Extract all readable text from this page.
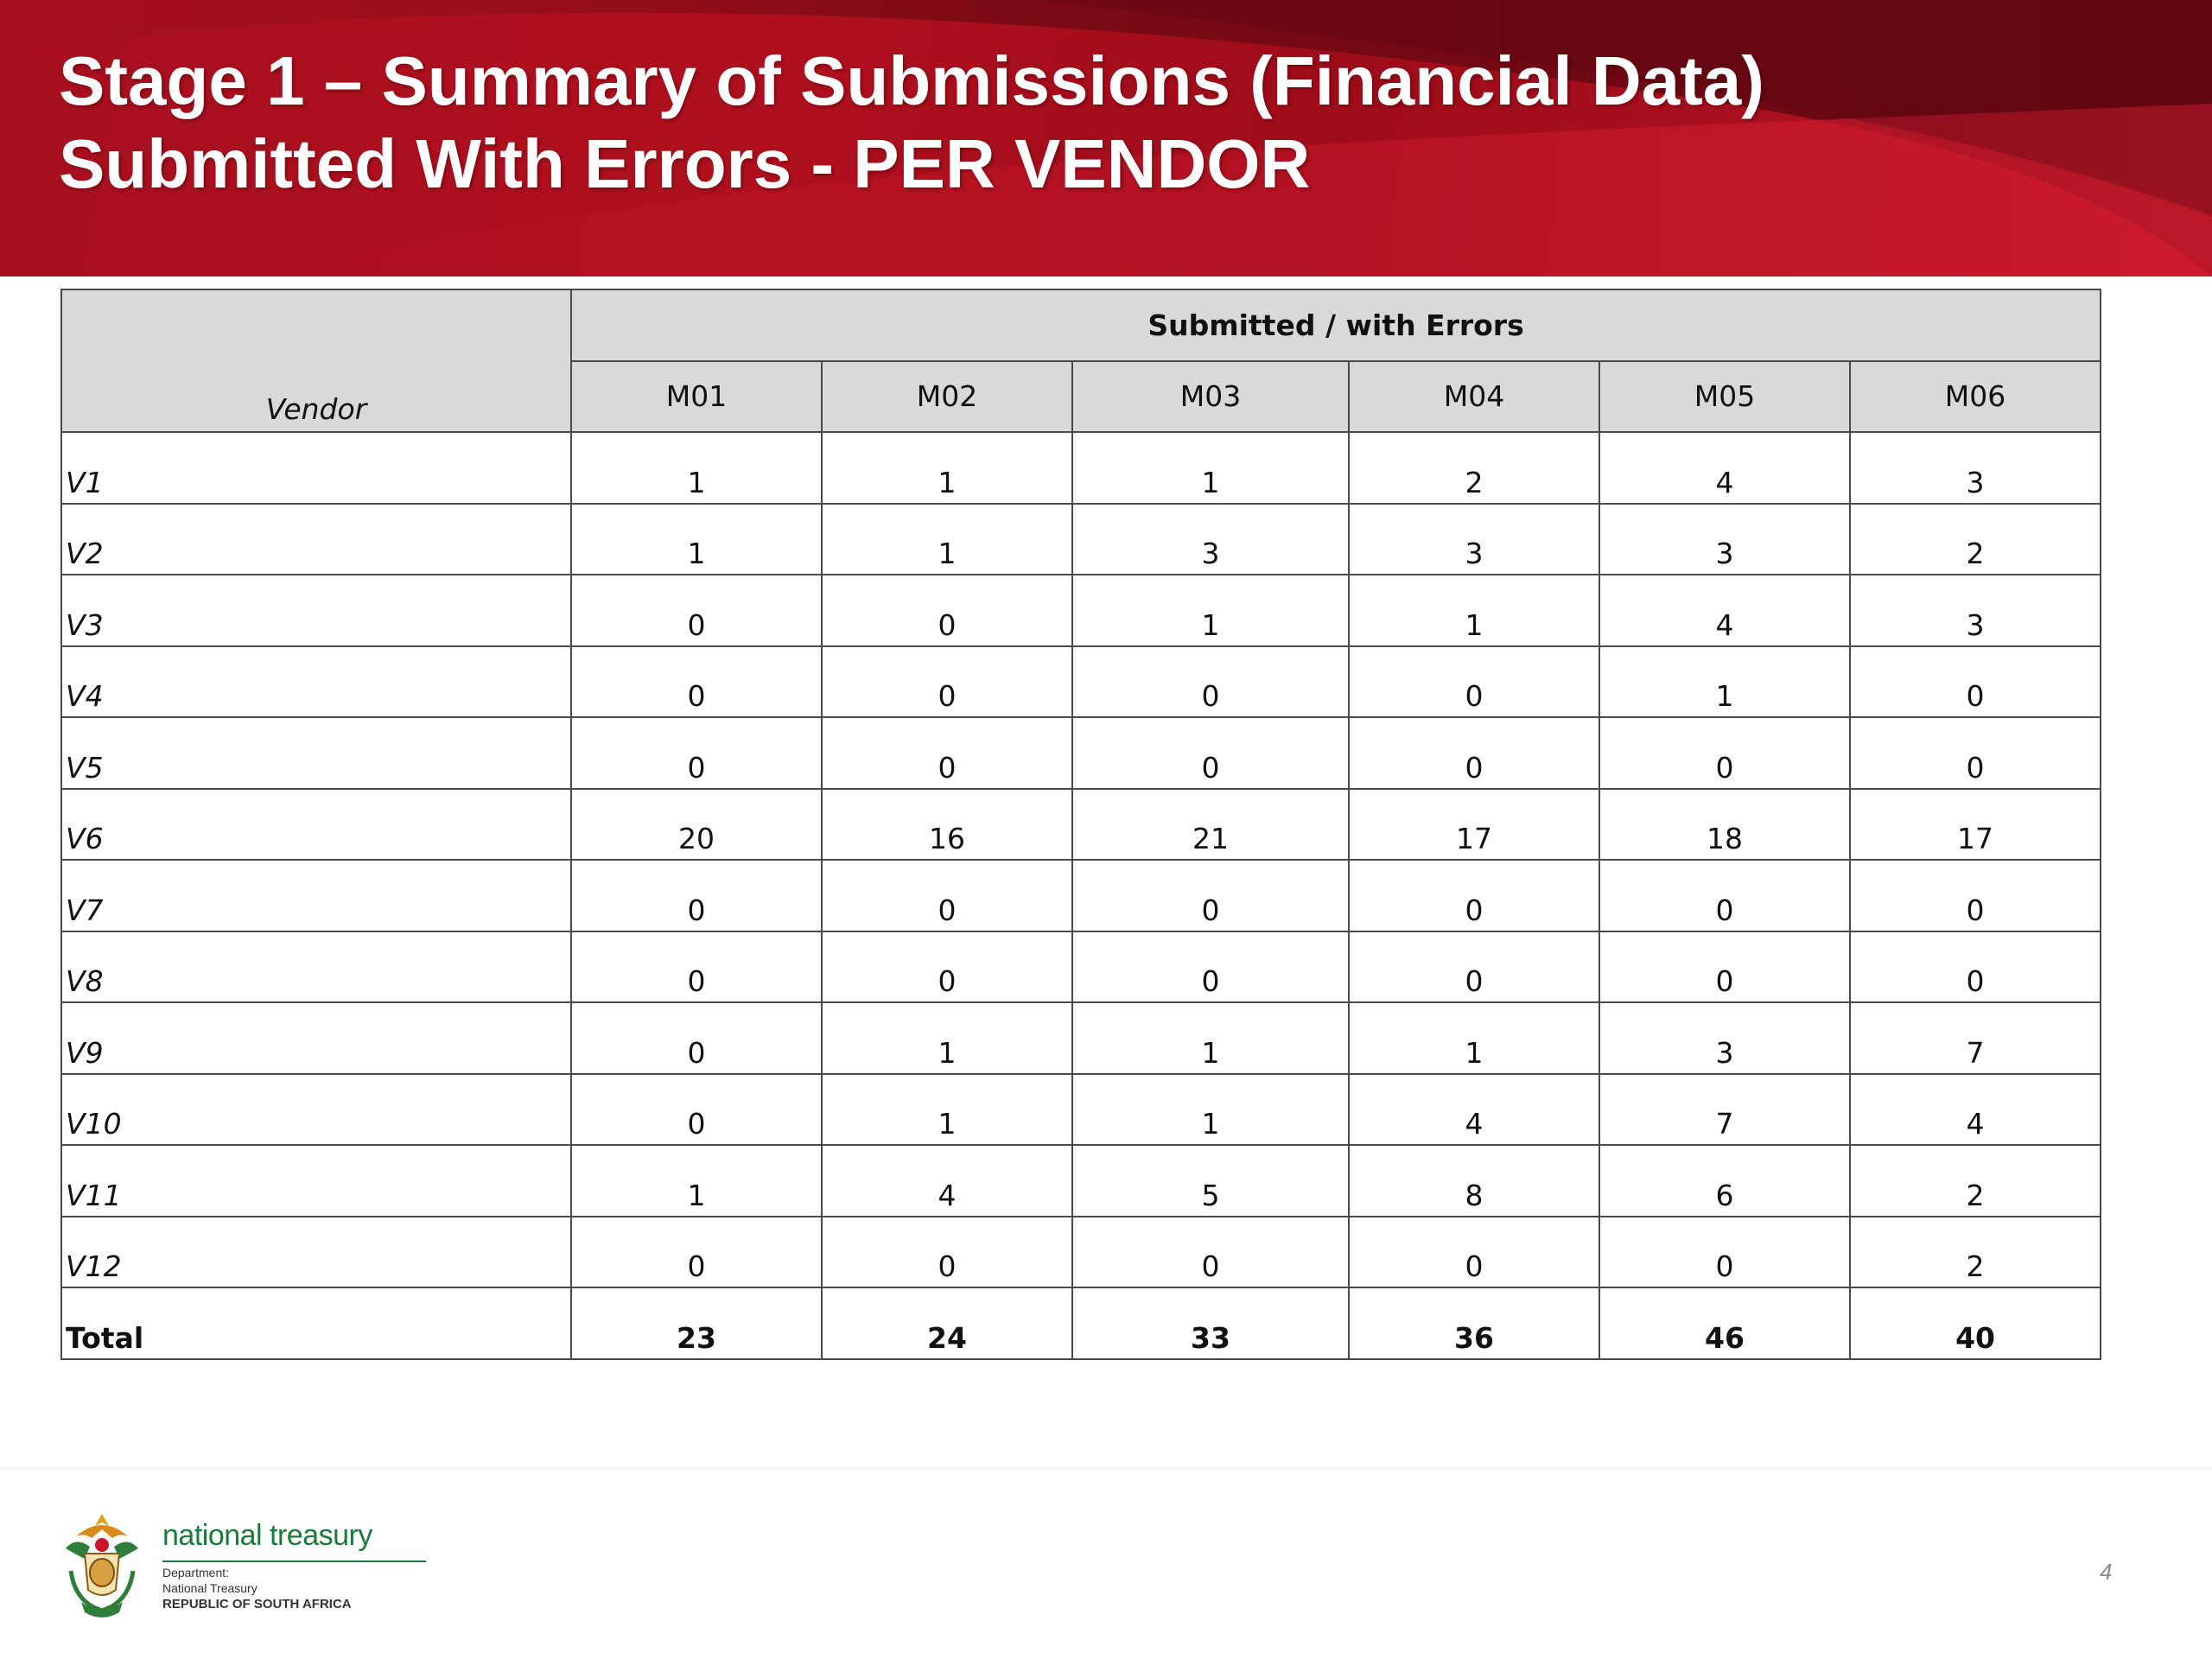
Stage 1 – Summary of Submissions (Financial Data)
Submitted With Errors - PER VENDOR
Vendor	Submitted / with Errors					
	M01	M02	M03	M04	M05	M06
V1	1	1	1	2	4	3
V2	1	1	3	3	3	2
V3	0	0	1	1	4	3
V4	0	0	0	0	1	0
V5	0	0	0	0	0	0
V6	20	16	21	17	18	17
V7	0	0	0	0	0	0
V8	0	0	0	0	0	0
V9	0	1	1	1	3	7
V10	0	1	1	4	7	4
V11	1	4	5	8	6	2
V12	0	0	0	0	0	2
Total	23	24	33	36	46	40
national treasury
Department:
National Treasury
REPUBLIC OF SOUTH AFRICA
4
